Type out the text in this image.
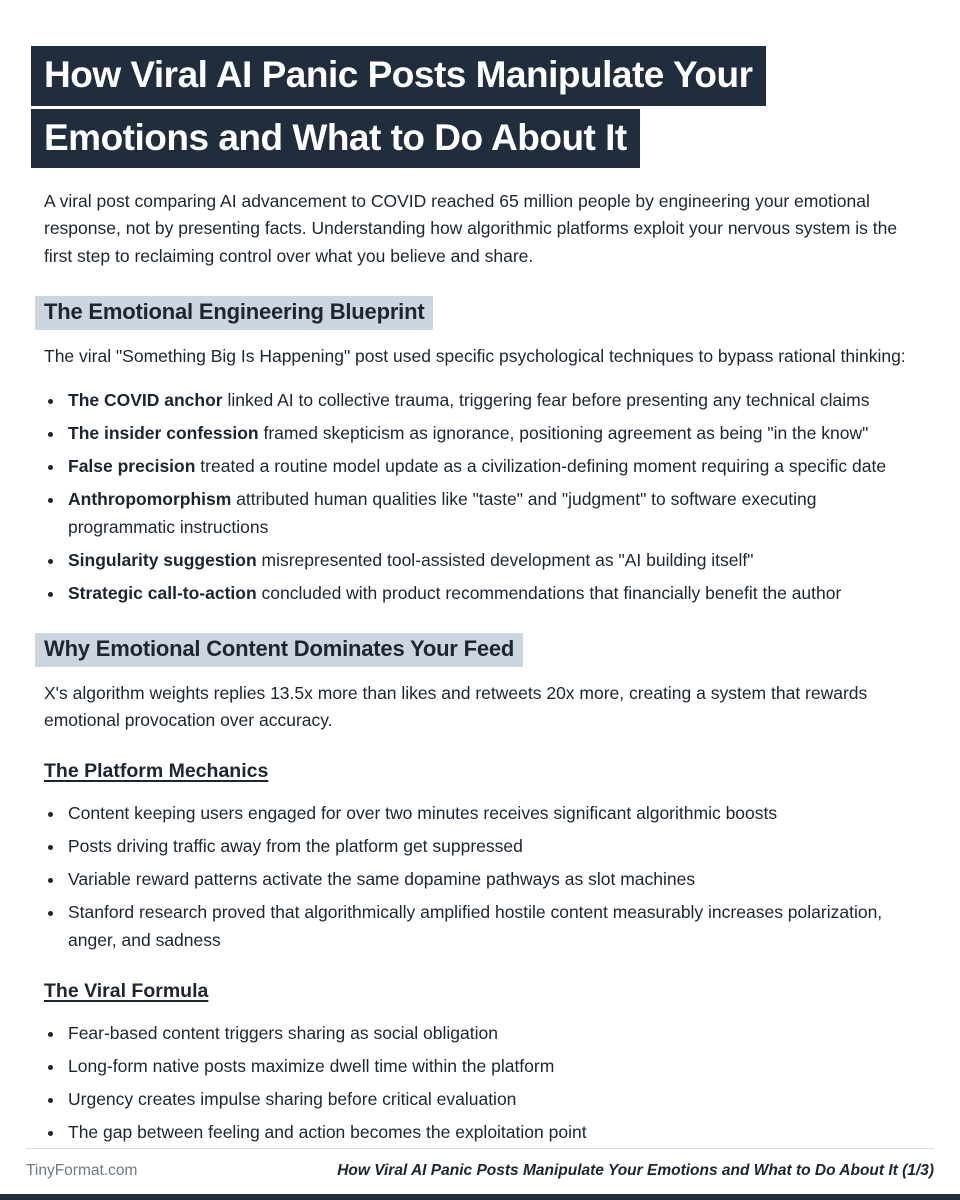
How Viral AI Panic Posts Manipulate Your
Emotions and What to Do About It

A viral post comparing AI advancement to COVID reached 65 million people by engineering your emotional response, not by presenting facts. Understanding how algorithmic platforms exploit your nervous system is the first step to reclaiming control over what you believe and share.

The Emotional Engineering Blueprint

The viral "Something Big Is Happening" post used specific psychological techniques to bypass rational thinking:

• The COVID anchor linked AI to collective trauma, triggering fear before presenting any technical claims
• The insider confession framed skepticism as ignorance, positioning agreement as being "in the know"
• False precision treated a routine model update as a civilization-defining moment requiring a specific date
• Anthropomorphism attributed human qualities like "taste" and "judgment" to software executing programmatic instructions
• Singularity suggestion misrepresented tool-assisted development as "AI building itself"
• Strategic call-to-action concluded with product recommendations that financially benefit the author
Why Emotional Content Dominates Your Feed

X's algorithm weights replies 13.5x more than likes and retweets 20x more, creating a system that rewards emotional provocation over accuracy.

The Platform Mechanics
• Content keeping users engaged for over two minutes receives significant algorithmic boosts
• Posts driving traffic away from the platform get suppressed
• Variable reward patterns activate the same dopamine pathways as slot machines
• Stanford research proved that algorithmically amplified hostile content measurably increases polarization, anger, and sadness
The Viral Formula
• Fear-based content triggers sharing as social obligation
• Long-form native posts maximize dwell time within the platform
• Urgency creates impulse sharing before critical evaluation
• The gap between feeling and action becomes the exploitation point
TinyFormat.com	How Viral AI Panic Posts Manipulate Your Emotions and What to Do About It (1/3)
